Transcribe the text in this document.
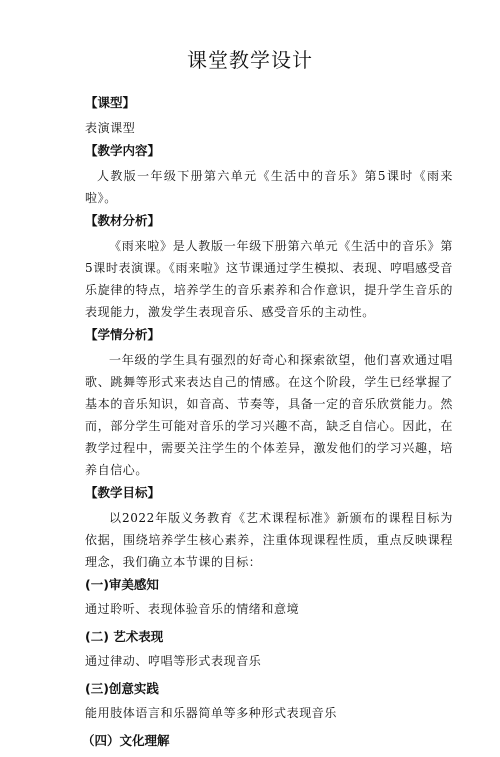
课堂教学设计
【课型】
表演课型
【教学内容】
人教版一年级下册第六单元《生活中的音乐》第5课时《雨来啦》。
【教材分析】
《雨来啦》是人教版一年级下册第六单元《生活中的音乐》第5课时表演课。《雨来啦》这节课通过学生模拟、表现、哼唱感受音乐旋律的特点，培养学生的音乐素养和合作意识，提升学生音乐的表现能力，激发学生表现音乐、感受音乐的主动性。
【学情分析】
一年级的学生具有强烈的好奇心和探索欲望，他们喜欢通过唱歌、跳舞等形式来表达自己的情感。在这个阶段，学生已经掌握了基本的音乐知识，如音高、节奏等，具备一定的音乐欣赏能力。然而，部分学生可能对音乐的学习兴趣不高，缺乏自信心。因此，在教学过程中，需要关注学生的个体差异，激发他们的学习兴趣，培养自信心。
【教学目标】
以2022年版义务教育《艺术课程标准》新颁布的课程目标为依据，围绕培养学生核心素养，注重体现课程性质，重点反映课程理念，我们确立本节课的目标：
(一)审美感知
通过聆听、表现体验音乐的情绪和意境
(二) 艺术表现
通过律动、哼唱等形式表现音乐
(三)创意实践
能用肢体语言和乐器简单等多种形式表现音乐
（四）文化理解
